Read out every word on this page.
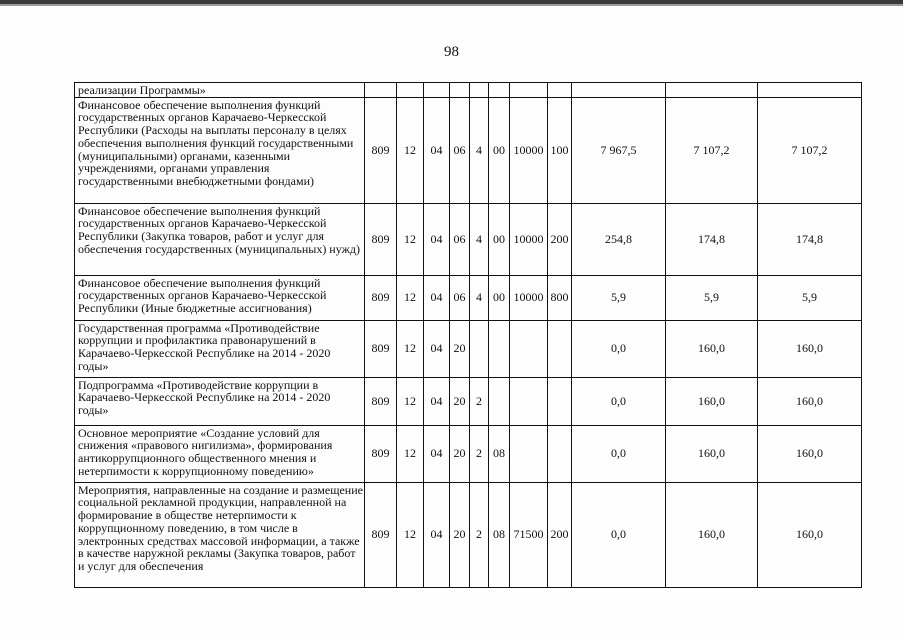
98
реализации Программы»											
Финансовое обеспечение выполнения функций государственных органов Карачаево-Черкесской Республики (Расходы на выплаты персоналу в целях обеспечения выполнения функций государственными (муниципальными) органами, казенными учреждениями, органами управления государственными внебюджетными фондами)	809	12	04	06	4	00	10000	100	7 967,5	7 107,2	7 107,2
Финансовое обеспечение выполнения функций государственных органов Карачаево-Черкесской Республики (Закупка товаров, работ и услуг для обеспечения государственных (муниципальных) нужд)	809	12	04	06	4	00	10000	200	254,8	174,8	174,8
Финансовое обеспечение выполнения функций государственных органов Карачаево-Черкесской Республики (Иные бюджетные ассигнования)	809	12	04	06	4	00	10000	800	5,9	5,9	5,9
Государственная программа «Противодействие коррупции и профилактика правонарушений в Карачаево-Черкесской Республике на 2014 - 2020 годы»	809	12	04	20					0,0	160,0	160,0
Подпрограмма «Противодействие коррупции в Карачаево-Черкесской Республике на 2014 - 2020 годы»	809	12	04	20	2				0,0	160,0	160,0
Основное мероприятие «Создание условий для снижения «правового нигилизма», формирования антикоррупционного общественного мнения и нетерпимости к коррупционному поведению»	809	12	04	20	2	08			0,0	160,0	160,0
Мероприятия, направленные на создание и размещение социальной рекламной продукции, направленной на формирование в обществе нетерпимости к коррупционному поведению, в том числе в электронных средствах массовой информации, а также в качестве наружной рекламы (Закупка товаров, работ и услуг для обеспечения	809	12	04	20	2	08	71500	200	0,0	160,0	160,0
